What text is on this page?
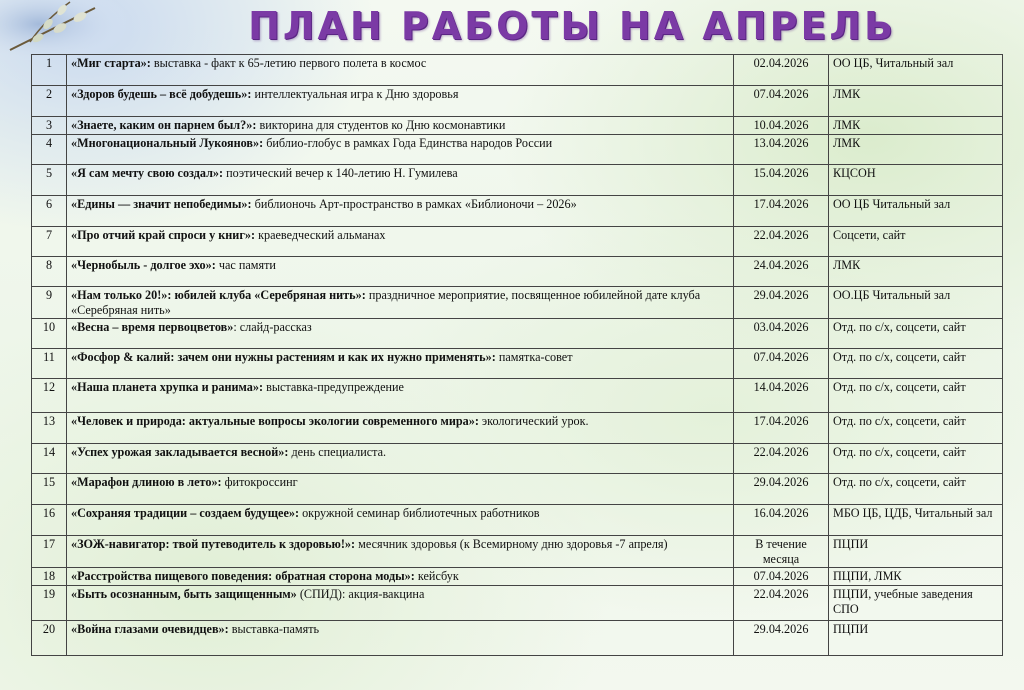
ПЛАН РАБОТЫ НА АПРЕЛЬ
1	«Миг старта»: выставка - факт к 65-летию первого полета в космос	02.04.2026	ОО ЦБ, Читальный зал
2	«Здоров будешь – всё добудешь»: интеллектуальная игра к Дню здоровья	07.04.2026	ЛМК
3	«Знаете, каким он парнем был?»: викторина для студентов ко Дню космонавтики	10.04.2026	ЛМК
4	«Многонациональный Лукоянов»: библио-глобус в рамках Года Единства народов России	13.04.2026	ЛМК
5	«Я сам мечту свою создал»: поэтический вечер к 140-летию Н. Гумилева	15.04.2026	КЦСОН
6	«Едины — значит непобедимы»: библионочь Арт-пространство в рамках «Библионочи – 2026»	17.04.2026	ОО ЦБ Читальный зал
7	«Про отчий край спроси у книг»: краеведческий альманах	22.04.2026	Соцсети, сайт
8	«Чернобыль - долгое эхо»: час памяти	24.04.2026	ЛМК
9	«Нам только 20!»: юбилей клуба «Серебряная нить»: праздничное мероприятие, посвященное юбилейной дате клуба «Серебряная нить»	29.04.2026	ОО.ЦБ Читальный зал
10	«Весна – время первоцветов»: слайд-рассказ	03.04.2026	Отд. по с/х, соцсети, сайт
11	«Фосфор & калий: зачем они нужны растениям и как их нужно применять»: памятка-совет	07.04.2026	Отд. по с/х, соцсети, сайт
12	«Наша планета хрупка и ранима»: выставка-предупреждение	14.04.2026	Отд. по с/х, соцсети, сайт
13	«Человек и природа: актуальные вопросы экологии современного мира»: экологический урок.	17.04.2026	Отд. по с/х, соцсети, сайт
14	«Успех урожая закладывается весной»: день специалиста.	22.04.2026	Отд. по с/х, соцсети, сайт
15	«Марафон длиною в лето»: фитокроссинг	29.04.2026	Отд. по с/х, соцсети, сайт
16	«Сохраняя традиции – создаем будущее»: окружной семинар библиотечных работников	16.04.2026	МБО ЦБ, ЦДБ, Читальный зал
17	«ЗОЖ-навигатор: твой путеводитель к здоровью!»: месячник здоровья (к Всемирному дню здоровья -7 апреля)	В течение месяца	ПЦПИ
18	«Расстройства пищевого поведения: обратная сторона моды»: кейсбук	07.04.2026	ПЦПИ, ЛМК
19	«Быть осознанным, быть защищенным» (СПИД): акция-вакцина	22.04.2026	ПЦПИ, учебные заведения СПО
20	«Война глазами очевидцев»: выставка-память	29.04.2026	ПЦПИ
